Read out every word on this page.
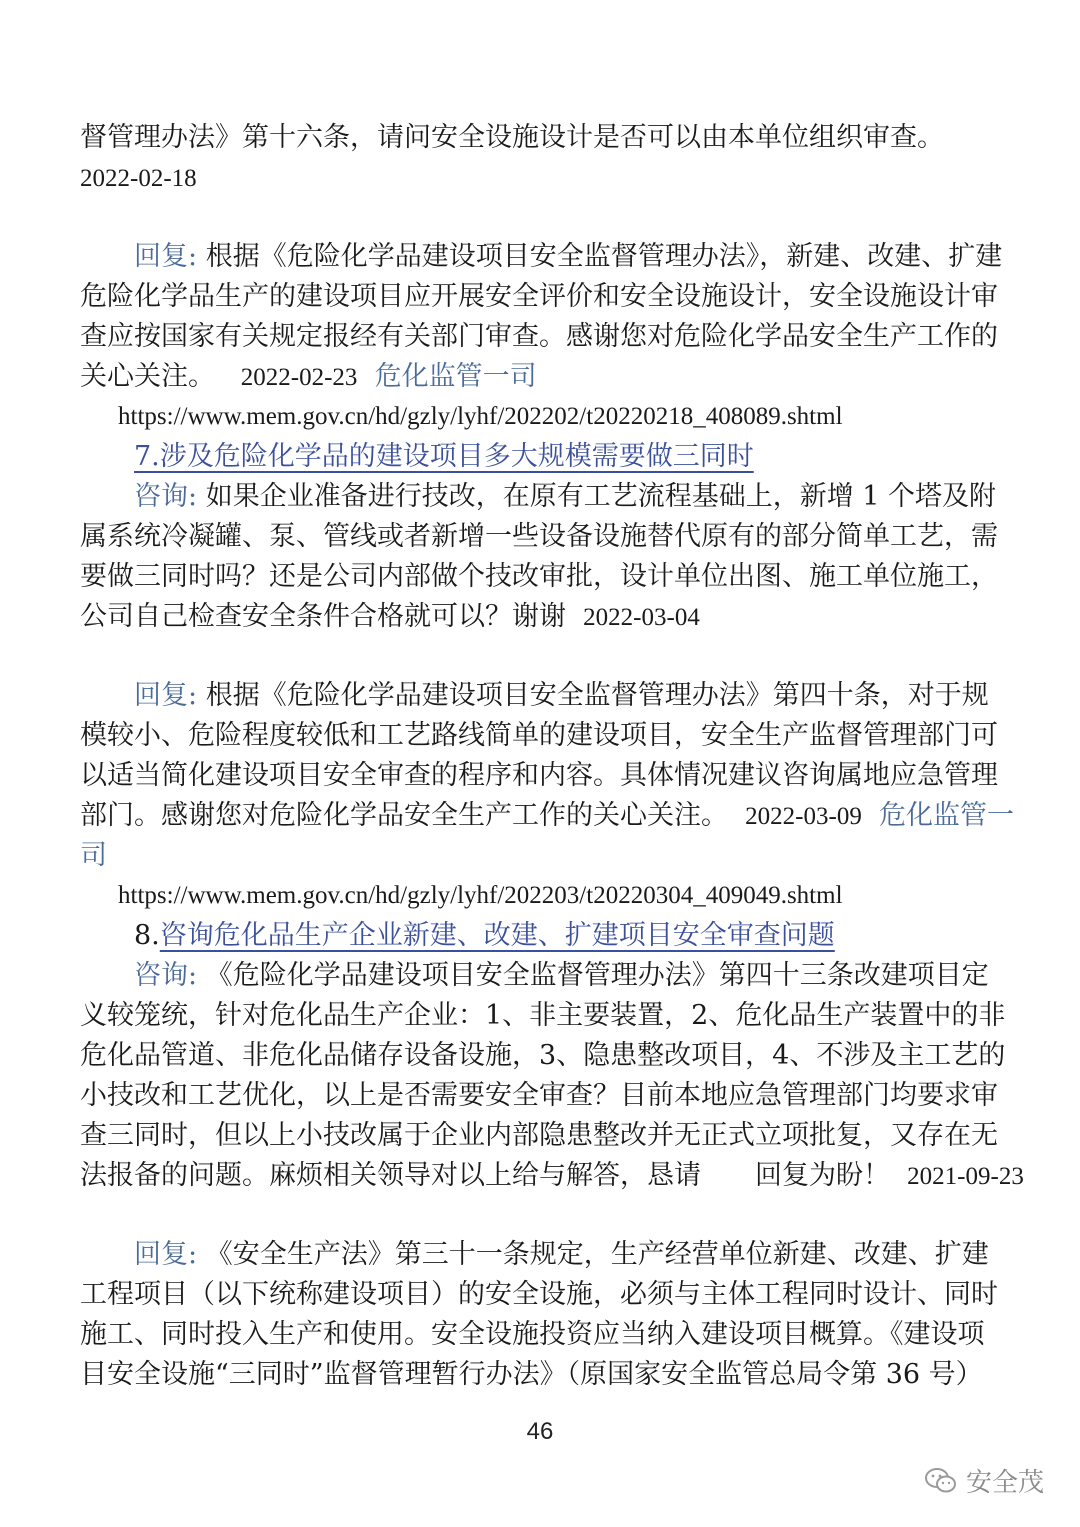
督管理办法》第十六条，请问安全设施设计是否可以由本单位组织审查。
2022-02-18
回复: 根据《危险化学品建设项目安全监督管理办法》，新建、改建、扩建
危险化学品生产的建设项目应开展安全评价和安全设施设计，安全设施设计审
查应按国家有关规定报经有关部门审查。感谢您对危险化学品安全生产工作的
关心关注。 2022-02-23 危化监管一司
https://www.mem.gov.cn/hd/gzly/lyhf/202202/t20220218_408089.shtml
7.涉及危险化学品的建设项目多大规模需要做三同时
咨询: 如果企业准备进行技改，在原有工艺流程基础上，新增 1 个塔及附
属系统冷凝罐、泵、管线或者新增一些设备设施替代原有的部分简单工艺，需
要做三同时吗？还是公司内部做个技改审批，设计单位出图、施工单位施工，
公司自己检查安全条件合格就可以？谢谢 2022-03-04
回复: 根据《危险化学品建设项目安全监督管理办法》第四十条，对于规
模较小、危险程度较低和工艺路线简单的建设项目，安全生产监督管理部门可
以适当简化建设项目安全审查的程序和内容。具体情况建议咨询属地应急管理
部门。感谢您对危险化学品安全生产工作的关心关注。 2022-03-09 危化监管一
司
https://www.mem.gov.cn/hd/gzly/lyhf/202203/t20220304_409049.shtml
8.咨询危化品生产企业新建、改建、扩建项目安全审查问题
咨询: 《危险化学品建设项目安全监督管理办法》第四十三条改建项目定
义较笼统，针对危化品生产企业：1、非主要装置，2、危化品生产装置中的非
危化品管道、非危化品储存设备设施，3、隐患整改项目，4、不涉及主工艺的
小技改和工艺优化，以上是否需要安全审查？目前本地应急管理部门均要求审
查三同时，但以上小技改属于企业内部隐患整改并无正式立项批复，又存在无
法报备的问题。麻烦相关领导对以上给与解答，恳请　　回复为盼！ 2021-09-23
回复: 《安全生产法》第三十一条规定，生产经营单位新建、改建、扩建
工程项目（以下统称建设项目）的安全设施，必须与主体工程同时设计、同时
施工、同时投入生产和使用。安全设施投资应当纳入建设项目概算。《建设项
目安全设施“三同时”监督管理暂行办法》（原国家安全监管总局令第 36 号）
46
安全茂
